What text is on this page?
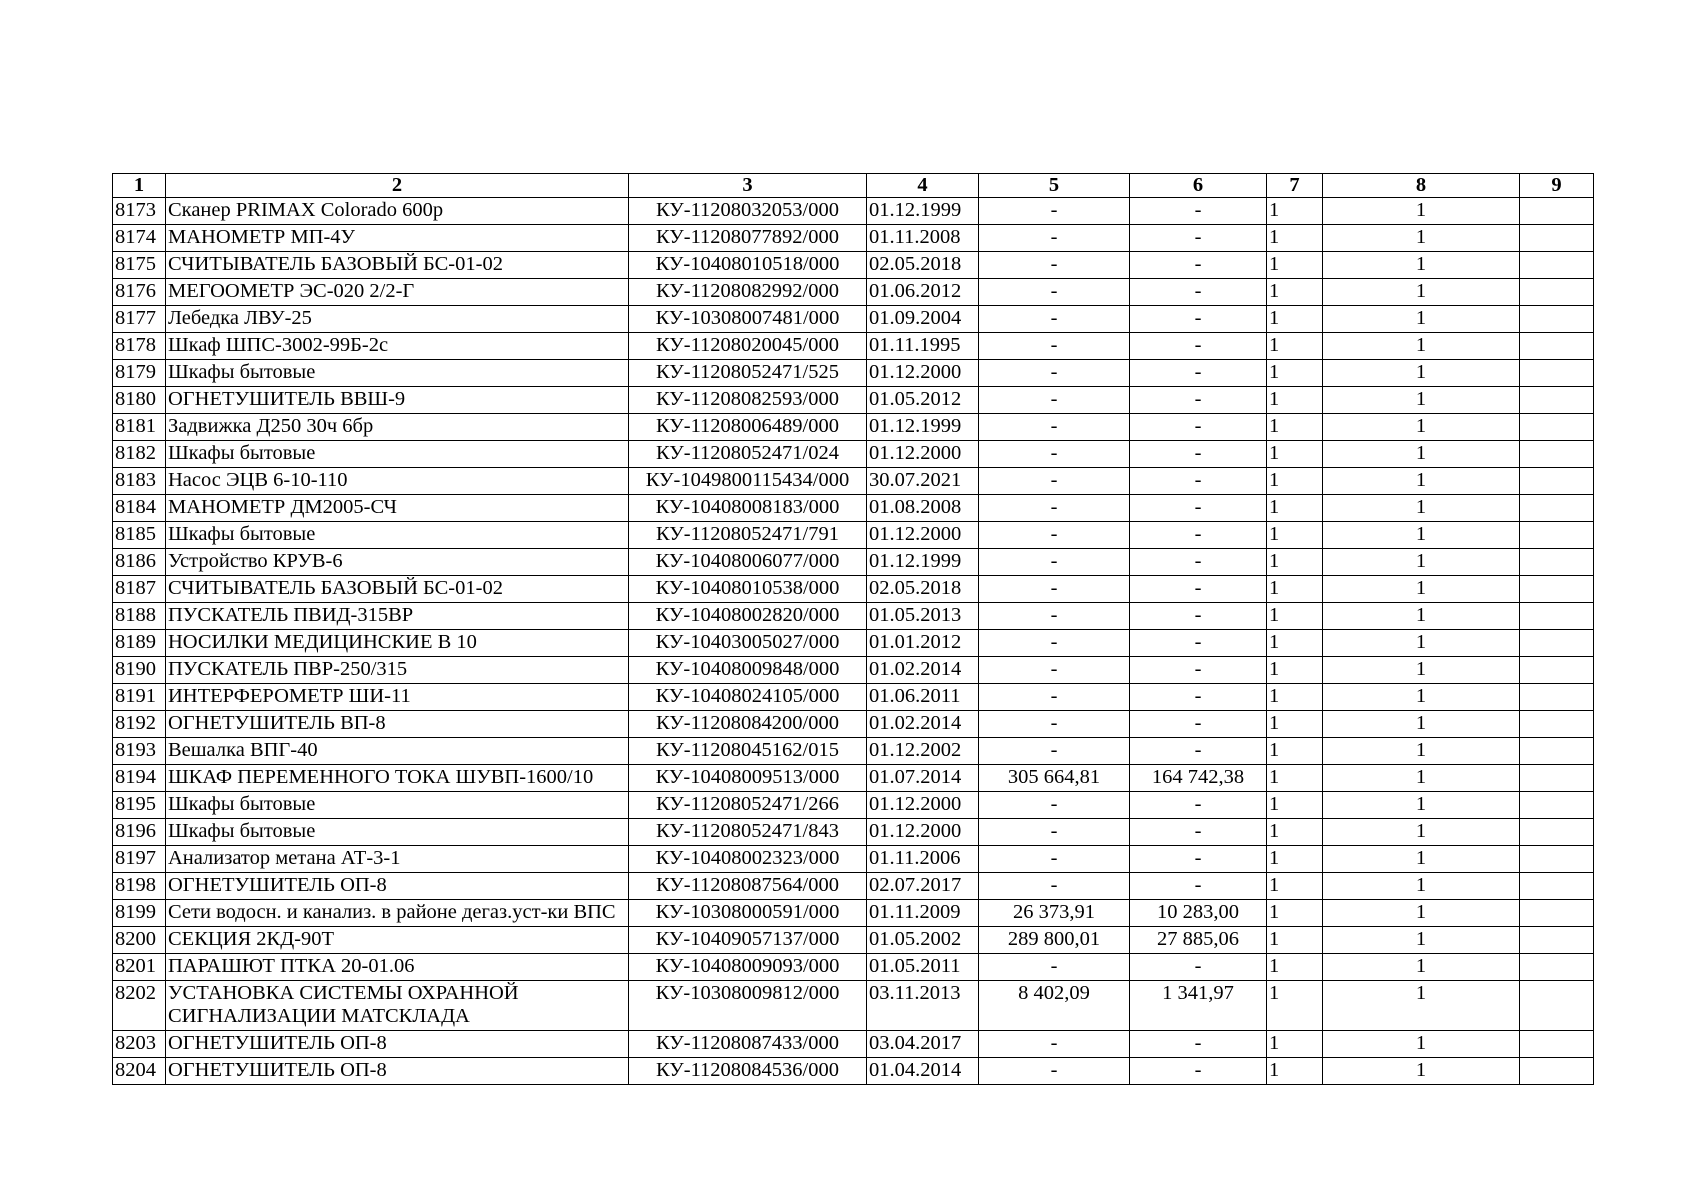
1	2	3	4	5	6	7	8	9
8173	Сканер PRIMAX Colorado 600p	КУ-11208032053/000	01.12.1999	-	-	1	1	
8174	МАНОМЕТР МП-4У	КУ-11208077892/000	01.11.2008	-	-	1	1	
8175	СЧИТЫВАТЕЛЬ БАЗОВЫЙ БС-01-02	КУ-10408010518/000	02.05.2018	-	-	1	1	
8176	МЕГООМЕТР ЭС-020 2/2-Г	КУ-11208082992/000	01.06.2012	-	-	1	1	
8177	Лебедка ЛВУ-25	КУ-10308007481/000	01.09.2004	-	-	1	1	
8178	Шкаф ШПС-3002-99Б-2с	КУ-11208020045/000	01.11.1995	-	-	1	1	
8179	Шкафы бытовые	КУ-11208052471/525	01.12.2000	-	-	1	1	
8180	ОГНЕТУШИТЕЛЬ ВВШ-9	КУ-11208082593/000	01.05.2012	-	-	1	1	
8181	Задвижка Д250 30ч 6бр	КУ-11208006489/000	01.12.1999	-	-	1	1	
8182	Шкафы бытовые	КУ-11208052471/024	01.12.2000	-	-	1	1	
8183	Насос ЭЦВ 6-10-110	КУ-1049800115434/000	30.07.2021	-	-	1	1	
8184	МАНОМЕТР ДМ2005-СЧ	КУ-10408008183/000	01.08.2008	-	-	1	1	
8185	Шкафы бытовые	КУ-11208052471/791	01.12.2000	-	-	1	1	
8186	Устройство КРУВ-6	КУ-10408006077/000	01.12.1999	-	-	1	1	
8187	СЧИТЫВАТЕЛЬ БАЗОВЫЙ БС-01-02	КУ-10408010538/000	02.05.2018	-	-	1	1	
8188	ПУСКАТЕЛЬ ПВИД-315ВР	КУ-10408002820/000	01.05.2013	-	-	1	1	
8189	НОСИЛКИ МЕДИЦИНСКИЕ В 10	КУ-10403005027/000	01.01.2012	-	-	1	1	
8190	ПУСКАТЕЛЬ ПВР-250/315	КУ-10408009848/000	01.02.2014	-	-	1	1	
8191	ИНТЕРФЕРОМЕТР ШИ-11	КУ-10408024105/000	01.06.2011	-	-	1	1	
8192	ОГНЕТУШИТЕЛЬ ВП-8	КУ-11208084200/000	01.02.2014	-	-	1	1	
8193	Вешалка ВПГ-40	КУ-11208045162/015	01.12.2002	-	-	1	1	
8194	ШКАФ ПЕРЕМЕННОГО ТОКА ШУВП-1600/10	КУ-10408009513/000	01.07.2014	305 664,81	164 742,38	1	1	
8195	Шкафы бытовые	КУ-11208052471/266	01.12.2000	-	-	1	1	
8196	Шкафы бытовые	КУ-11208052471/843	01.12.2000	-	-	1	1	
8197	Анализатор метана АТ-3-1	КУ-10408002323/000	01.11.2006	-	-	1	1	
8198	ОГНЕТУШИТЕЛЬ ОП-8	КУ-11208087564/000	02.07.2017	-	-	1	1	
8199	Сети водосн. и канализ. в районе дегаз.уст-ки ВПС	КУ-10308000591/000	01.11.2009	26 373,91	10 283,00	1	1	
8200	СЕКЦИЯ 2КД-90Т	КУ-10409057137/000	01.05.2002	289 800,01	27 885,06	1	1	
8201	ПАРАШЮТ ПТКА 20-01.06	КУ-10408009093/000	01.05.2011	-	-	1	1	
8202	УСТАНОВКА СИСТЕМЫ ОХРАННОЙ СИГНАЛИЗАЦИИ МАТСКЛАДА	КУ-10308009812/000	03.11.2013	8 402,09	1 341,97	1	1	
8203	ОГНЕТУШИТЕЛЬ ОП-8	КУ-11208087433/000	03.04.2017	-	-	1	1	
8204	ОГНЕТУШИТЕЛЬ ОП-8	КУ-11208084536/000	01.04.2014	-	-	1	1	
